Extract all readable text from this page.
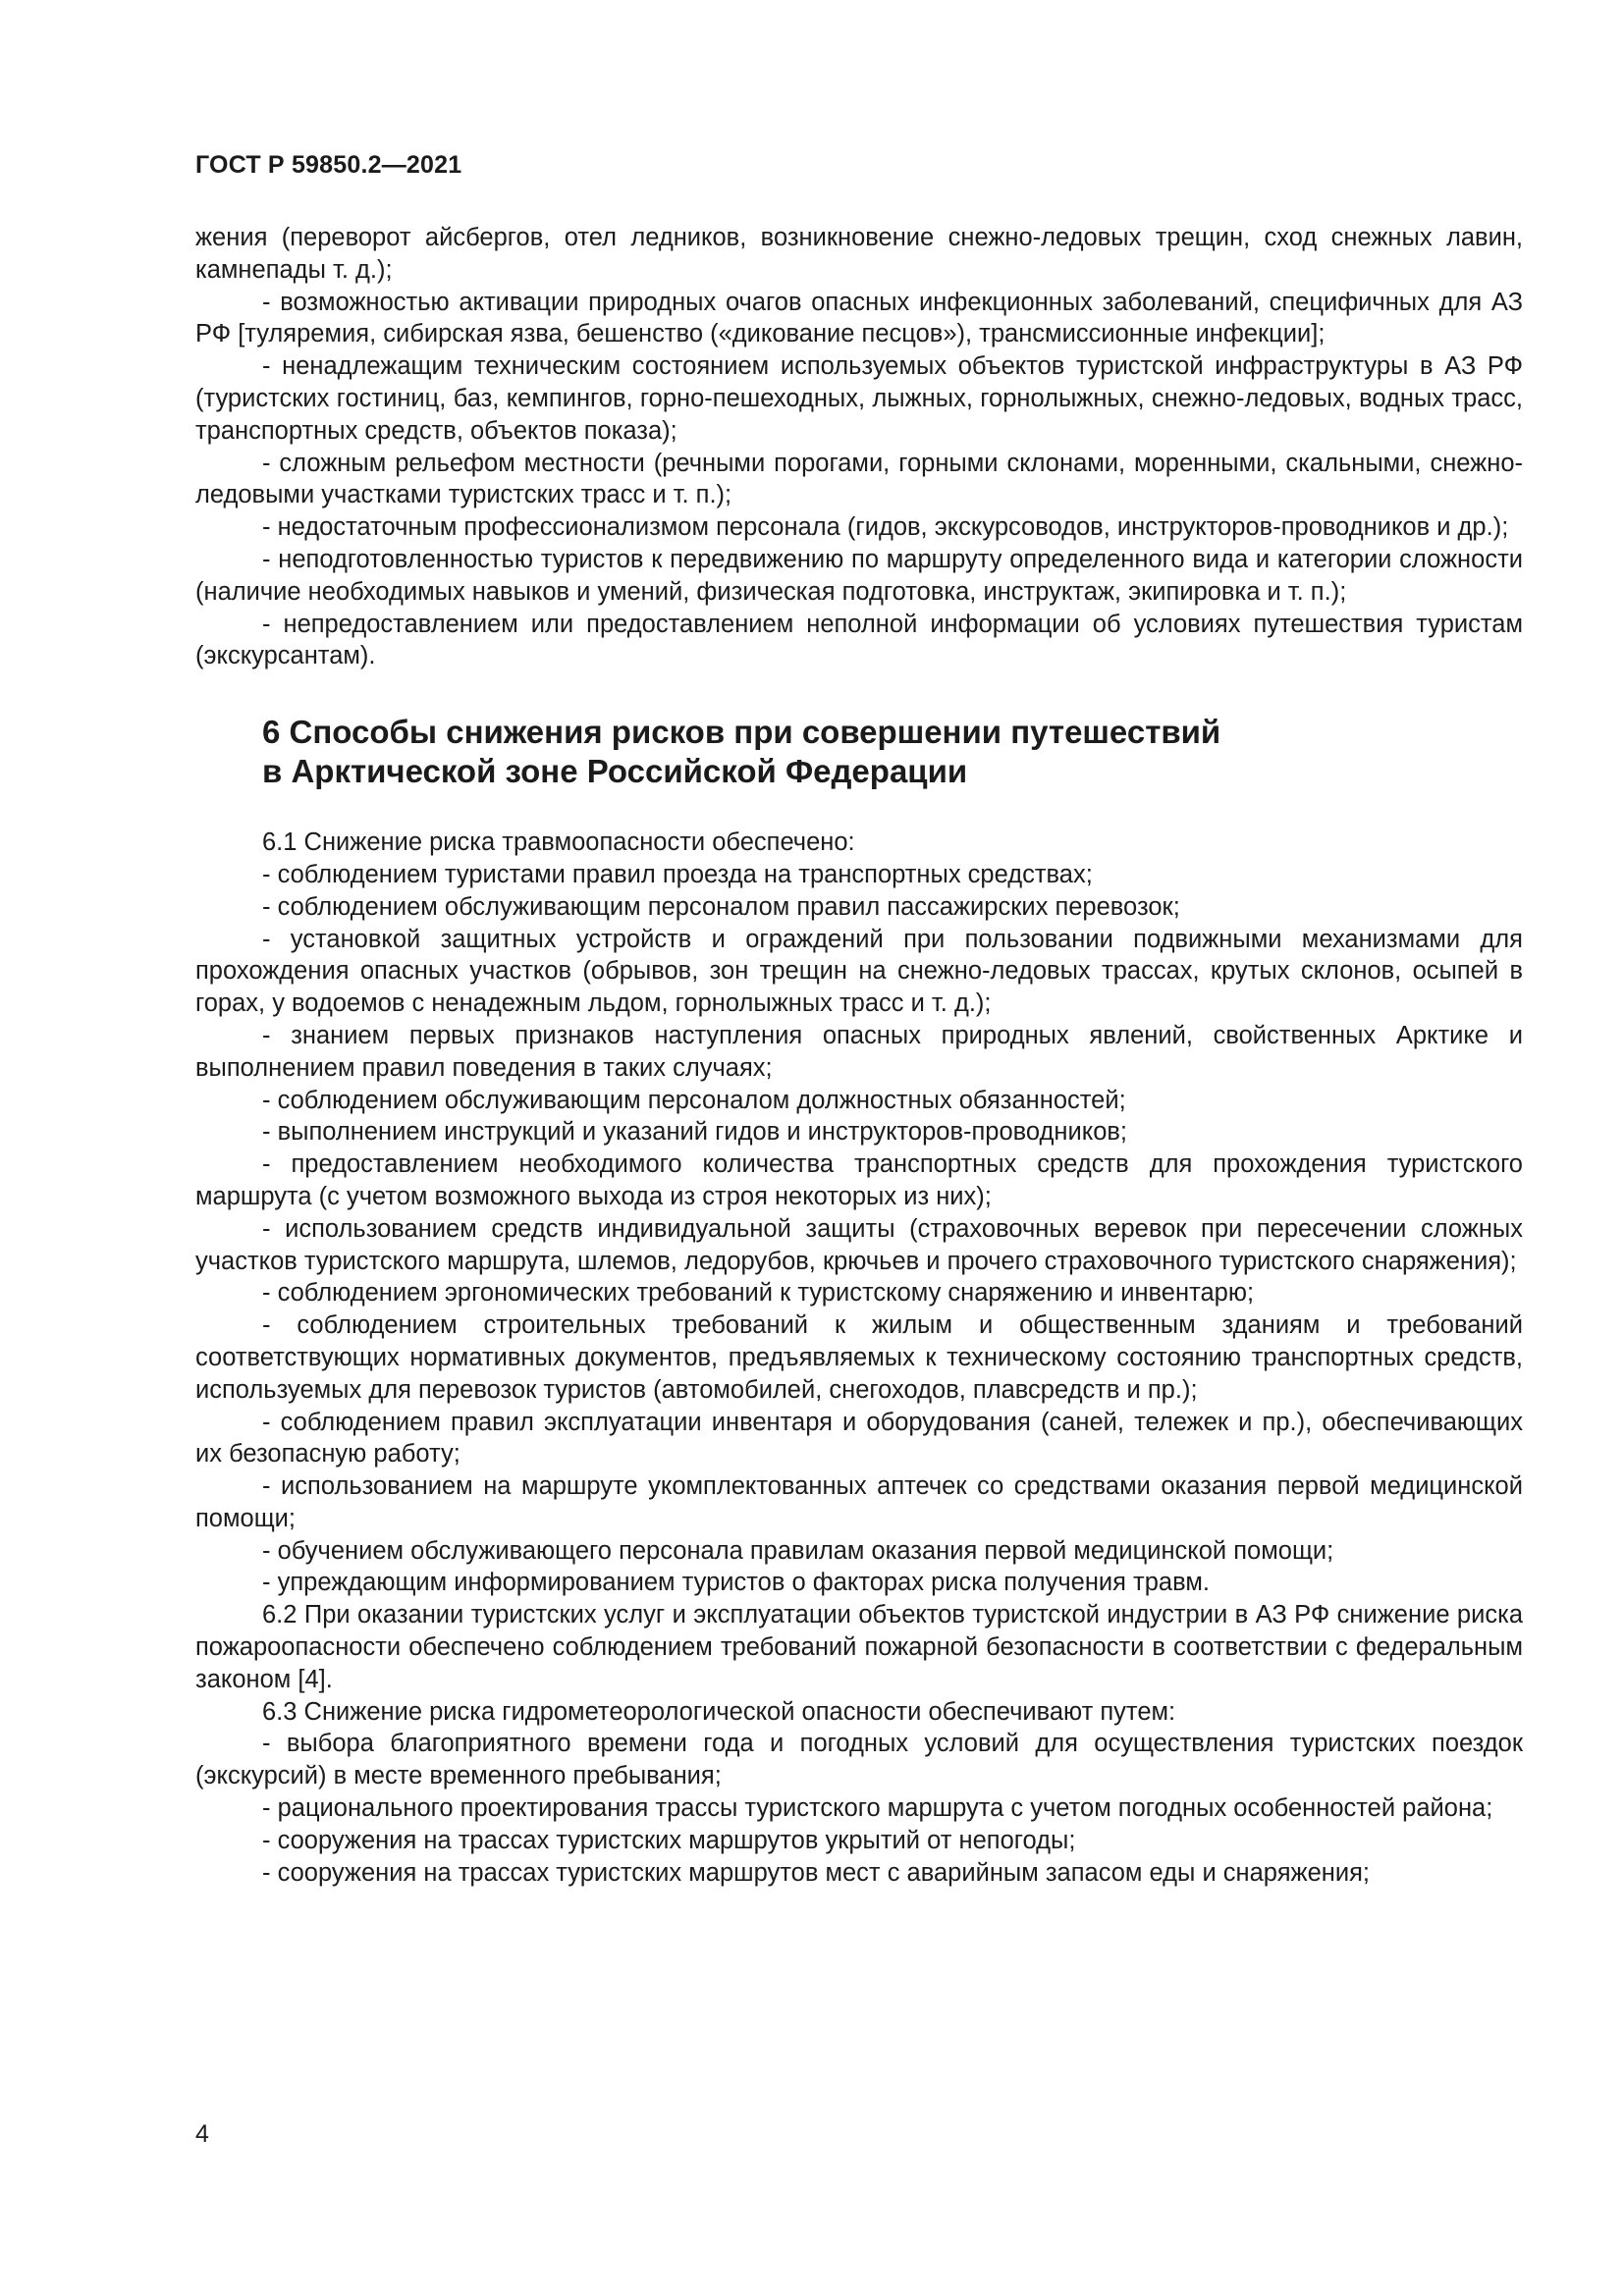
ГОСТ Р 59850.2—2021

жения (переворот айсбергов, отел ледников, возникновение снежно-ледовых трещин, сход снежных лавин, камнепады т. д.);

- возможностью активации природных очагов опасных инфекционных заболеваний, специфичных для АЗ РФ [туляремия, сибирская язва, бешенство («дикование песцов»), трансмиссионные инфекции];

- ненадлежащим техническим состоянием используемых объектов туристской инфраструктуры в АЗ РФ (туристских гостиниц, баз, кемпингов, горно-пешеходных, лыжных, горнолыжных, снежно-ледовых, водных трасс, транспортных средств, объектов показа);

- сложным рельефом местности (речными порогами, горными склонами, моренными, скальными, снежно-ледовыми участками туристских трасс и т. п.);

- недостаточным профессионализмом персонала (гидов, экскурсоводов, инструкторов-проводников и др.);

- неподготовленностью туристов к передвижению по маршруту определенного вида и категории сложности (наличие необходимых навыков и умений, физическая подготовка, инструктаж, экипировка и т. п.);

- непредоставлением или предоставлением неполной информации об условиях путешествия туристам (экскурсантам).

6 Способы снижения рисков при совершении путешествий
в Арктической зоне Российской Федерации

6.1 Снижение риска травмоопасности обеспечено:

- соблюдением туристами правил проезда на транспортных средствах;

- соблюдением обслуживающим персоналом правил пассажирских перевозок;

- установкой защитных устройств и ограждений при пользовании подвижными механизмами для прохождения опасных участков (обрывов, зон трещин на снежно-ледовых трассах, крутых склонов, осыпей в горах, у водоемов с ненадежным льдом, горнолыжных трасс и т. д.);

- знанием первых признаков наступления опасных природных явлений, свойственных Арктике и выполнением правил поведения в таких случаях;

- соблюдением обслуживающим персоналом должностных обязанностей;

- выполнением инструкций и указаний гидов и инструкторов-проводников;

- предоставлением необходимого количества транспортных средств для прохождения туристского маршрута (с учетом возможного выхода из строя некоторых из них);

- использованием средств индивидуальной защиты (страховочных веревок при пересечении сложных участков туристского маршрута, шлемов, ледорубов, крючьев и прочего страховочного туристского снаряжения);

- соблюдением эргономических требований к туристскому снаряжению и инвентарю;

- соблюдением строительных требований к жилым и общественным зданиям и требований соответствующих нормативных документов, предъявляемых к техническому состоянию транспортных средств, используемых для перевозок туристов (автомобилей, снегоходов, плавсредств и пр.);

- соблюдением правил эксплуатации инвентаря и оборудования (саней, тележек и пр.), обеспечивающих их безопасную работу;

- использованием на маршруте укомплектованных аптечек со средствами оказания первой медицинской помощи;

- обучением обслуживающего персонала правилам оказания первой медицинской помощи;

- упреждающим информированием туристов о факторах риска получения травм.

6.2 При оказании туристских услуг и эксплуатации объектов туристской индустрии в АЗ РФ снижение риска пожароопасности обеспечено соблюдением требований пожарной безопасности в соответствии с федеральным законом [4].

6.3 Снижение риска гидрометеорологической опасности обеспечивают путем:

- выбора благоприятного времени года и погодных условий для осуществления туристских поездок (экскурсий) в месте временного пребывания;

- рационального проектирования трассы туристского маршрута с учетом погодных особенностей района;

- сооружения на трассах туристских маршрутов укрытий от непогоды;

- сооружения на трассах туристских маршрутов мест с аварийным запасом еды и снаряжения;

4
